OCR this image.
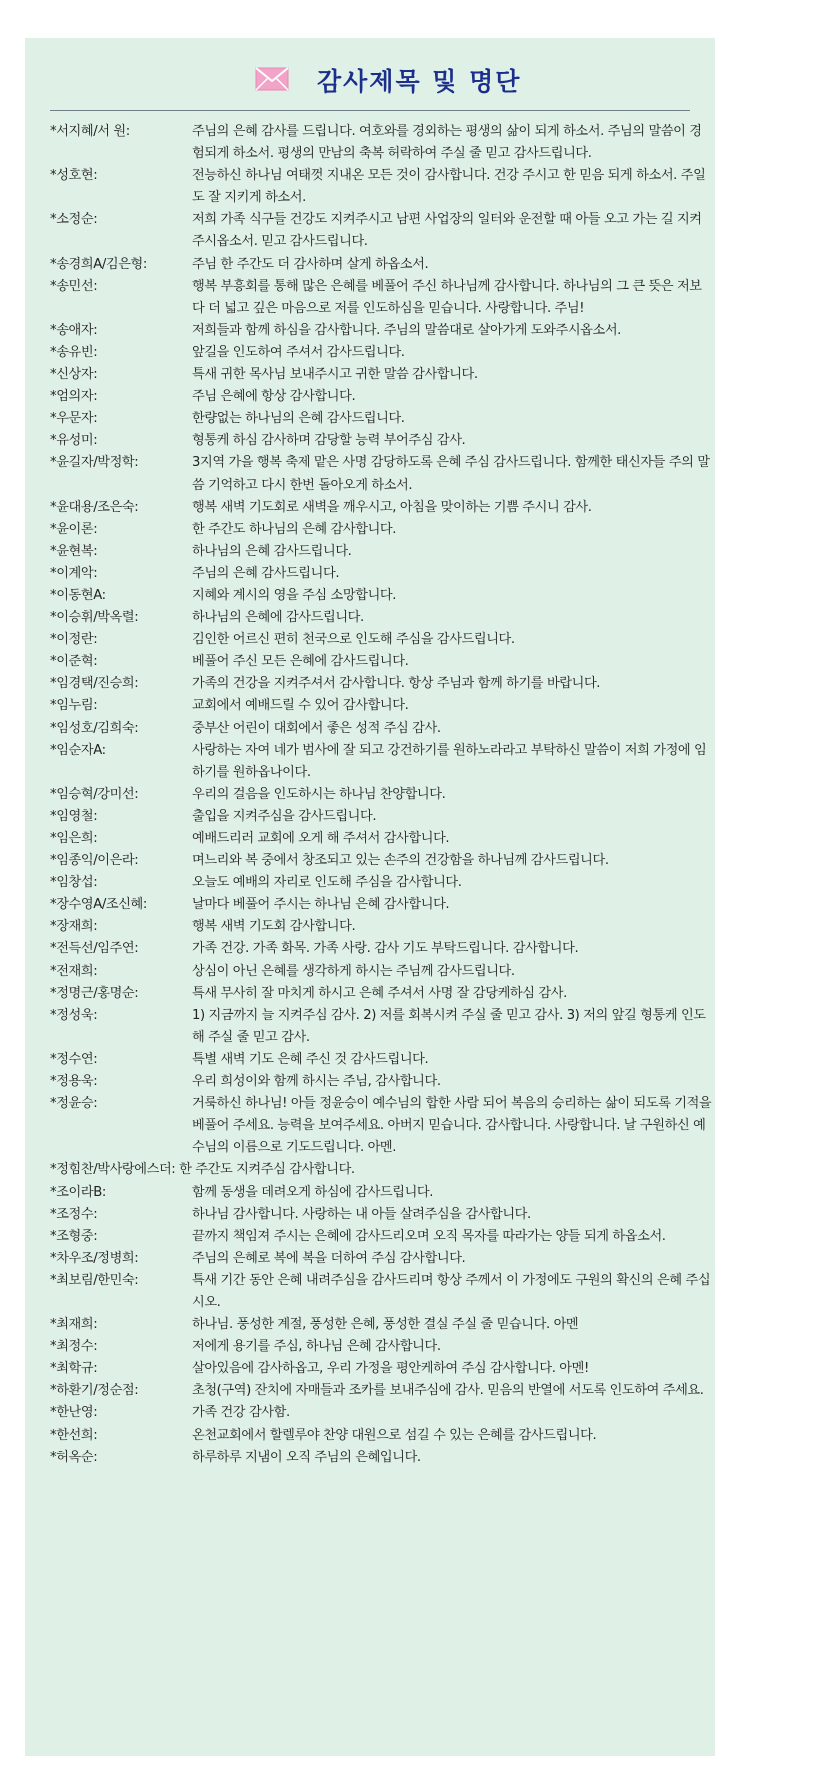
감사제목 및 명단
*서지혜/서 원:	주님의 은혜 감사를 드립니다. 여호와를 경외하는 평생의 삶이 되게 하소서. 주님의 말씀이 경험되게 하소서. 평생의 만남의 축복 허락하여 주실 줄 믿고 감사드립니다.
*성호현:	전능하신 하나님 여태껏 지내온 모든 것이 감사합니다. 건강 주시고 한 믿음 되게 하소서. 주일도 잘 지키게 하소서.
*소정순:	저희 가족 식구들 건강도 지켜주시고 남편 사업장의 일터와 운전할 때 아들 오고 가는 길 지켜주시옵소서. 믿고 감사드립니다.
*송경희A/김은형:	주님 한 주간도 더 감사하며 살게 하옵소서.
*송민선:	행복 부흥회를 통해 많은 은혜를 베풀어 주신 하나님께 감사합니다. 하나님의 그 큰 뜻은 저보다 더 넓고 깊은 마음으로 저를 인도하심을 믿습니다. 사랑합니다. 주님!
*송애자:	저희들과 함께 하심을 감사합니다. 주님의 말씀대로 살아가게 도와주시옵소서.
*송유빈:	앞길을 인도하여 주셔서 감사드립니다.
*신상자:	특새 귀한 목사님 보내주시고 귀한 말씀 감사합니다.
*엄의자:	주님 은혜에 항상 감사합니다.
*우문자:	한량없는 하나님의 은혜 감사드립니다.
*유성미:	형통케 하심 감사하며 감당할 능력 부어주심 감사.
*윤길자/박정학:	3지역 가을 행복 축제 맡은 사명 감당하도록 은혜 주심 감사드립니다. 함께한 태신자들 주의 말씀 기억하고 다시 한번 돌아오게 하소서.
*윤대용/조은숙:	행복 새벽 기도회로 새벽을 깨우시고, 아침을 맞이하는 기쁨 주시니 감사.
*윤이론:	한 주간도 하나님의 은혜 감사합니다.
*윤현복:	하나님의 은혜 감사드립니다.
*이계악:	주님의 은혜 감사드립니다.
*이동현A:	지혜와 계시의 영을 주심 소망합니다.
*이승휘/박옥렬:	하나님의 은혜에 감사드립니다.
*이정란:	김인한 어르신 편히 천국으로 인도해 주심을 감사드립니다.
*이준혁:	베풀어 주신 모든 은혜에 감사드립니다.
*임경택/진승희:	가족의 건강을 지켜주셔서 감사합니다. 항상 주님과 함께 하기를 바랍니다.
*임누림:	교회에서 예배드릴 수 있어 감사합니다.
*임성호/김희숙:	중부산 어린이 대회에서 좋은 성적 주심 감사.
*임순자A:	사랑하는 자여 네가 범사에 잘 되고 강건하기를 원하노라라고 부탁하신 말씀이 저희 가정에 임하기를 원하옵나이다.
*임승혁/강미선:	우리의 걸음을 인도하시는 하나님 찬양합니다.
*임영철:	출입을 지켜주심을 감사드립니다.
*임은희:	예배드리러 교회에 오게 해 주셔서 감사합니다.
*임종익/이은라:	며느리와 복 중에서 창조되고 있는 손주의 건강함을 하나님께 감사드립니다.
*임창섭:	오늘도 예배의 자리로 인도해 주심을 감사합니다.
*장수영A/조신혜:	날마다 베풀어 주시는 하나님 은혜 감사합니다.
*장재희:	행복 새벽 기도회 감사합니다.
*전득선/임주연:	가족 건강. 가족 화목. 가족 사랑. 감사 기도 부탁드립니다. 감사합니다.
*전재희:	상심이 아닌 은혜를 생각하게 하시는 주님께 감사드립니다.
*정명근/홍명순:	특새 무사히 잘 마치게 하시고 은혜 주셔서 사명 잘 감당케하심 감사.
*정성욱:	1) 지금까지 늘 지켜주심 감사. 2) 저를 회복시켜 주실 줄 믿고 감사. 3) 저의 앞길 형통케 인도해 주실 줄 믿고 감사.
*정수연:	특별 새벽 기도 은혜 주신 것 감사드립니다.
*정용욱:	우리 희성이와 함께 하시는 주님, 감사합니다.
*정윤승:	거룩하신 하나님! 아들 정윤승이 예수님의 합한 사람 되어 복음의 승리하는 삶이 되도록 기적을 베풀어 주세요. 능력을 보여주세요. 아버지 믿습니다. 감사합니다. 사랑합니다. 날 구원하신 예수님의 이름으로 기도드립니다. 아멘.
*정힘찬/박사랑에스더: 한 주간도 지켜주심 감사합니다.
*조이라B:	함께 동생을 데려오게 하심에 감사드립니다.
*조정수:	하나님 감사합니다. 사랑하는 내 아들 살려주심을 감사합니다.
*조형중:	끝까지 책임져 주시는 은혜에 감사드리오며 오직 목자를 따라가는 양들 되게 하옵소서.
*차우조/정병희:	주님의 은혜로 복에 복을 더하여 주심 감사합니다.
*최보림/한민숙:	특새 기간 동안 은혜 내려주심을 감사드리며 항상 주께서 이 가정에도 구원의 확신의 은혜 주십시오.
*최재희:	하나님. 풍성한 계절, 풍성한 은혜, 풍성한 결실 주실 줄 믿습니다. 아멘
*최정수:	저에게 용기를 주심, 하나님 은혜 감사합니다.
*최학규:	살아있음에 감사하옵고, 우리 가정을 평안케하여 주심 감사합니다. 아멘!
*하환기/정순점:	초청(구역) 잔치에 자매들과 조카를 보내주심에 감사. 믿음의 반열에 서도록 인도하여 주세요.
*한난영:	가족 건강 감사함.
*한선희:	온천교회에서 할렐루야 찬양 대원으로 섬길 수 있는 은혜를 감사드립니다.
*허옥순:	하루하루 지냄이 오직 주님의 은혜입니다.
